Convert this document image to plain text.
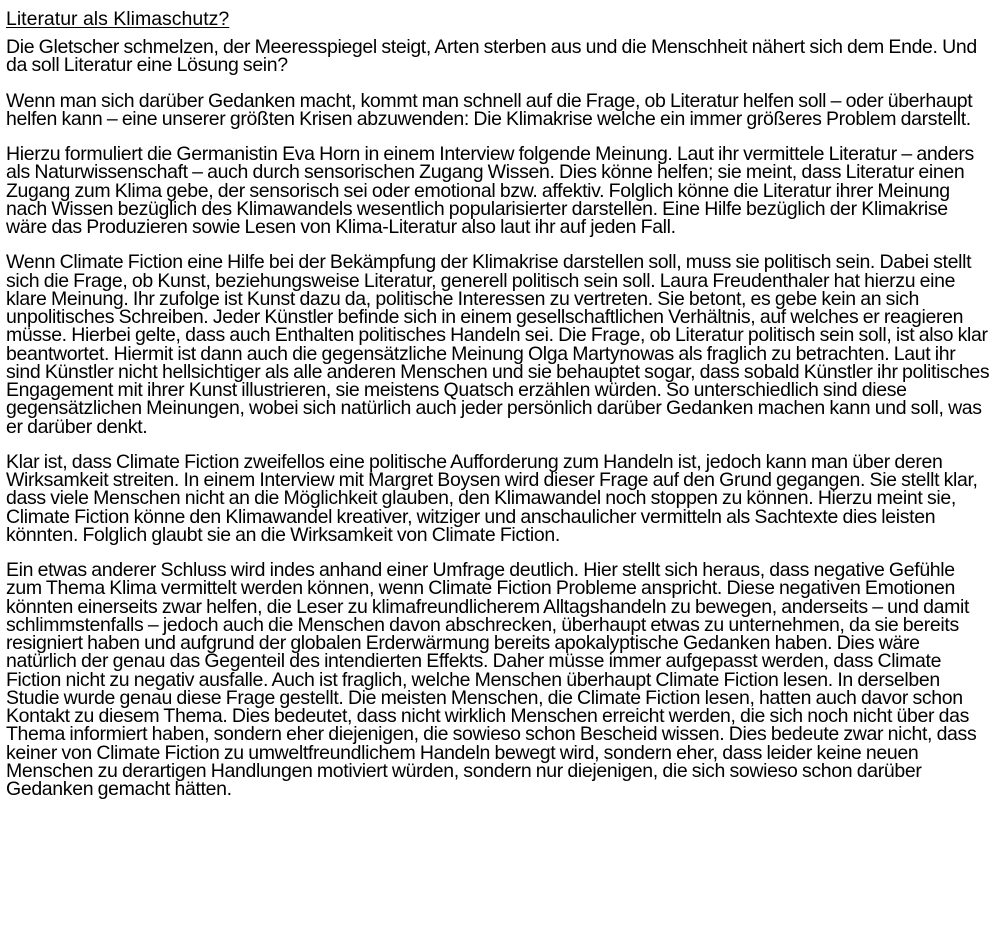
Literatur als Klimaschutz?

Die Gletscher schmelzen, der Meeresspiegel steigt, Arten sterben aus und die Menschheit nähert sich dem Ende. Und da soll Literatur eine Lösung sein?

Wenn man sich darüber Gedanken macht, kommt man schnell auf die Frage, ob Literatur helfen soll – oder überhaupt helfen kann – eine unserer größten Krisen abzuwenden: Die Klimakrise welche ein immer größeres Problem darstellt.

Hierzu formuliert die Germanistin Eva Horn in einem Interview folgende Meinung. Laut ihr vermittele Literatur – anders als Naturwissenschaft – auch durch sensorischen Zugang Wissen. Dies könne helfen; sie meint, dass Literatur einen Zugang zum Klima gebe, der sensorisch sei oder emotional bzw. affektiv. Folglich könne die Literatur ihrer Meinung nach Wissen bezüglich des Klimawandels wesentlich popularisierter darstellen. Eine Hilfe bezüglich der Klimakrise wäre das Produzieren sowie Lesen von Klima-Literatur also laut ihr auf jeden Fall.

Wenn Climate Fiction eine Hilfe bei der Bekämpfung der Klimakrise darstellen soll, muss sie politisch sein. Dabei stellt sich die Frage, ob Kunst, beziehungsweise Literatur, generell politisch sein soll. Laura Freudenthaler hat hierzu eine klare Meinung. Ihr zufolge ist Kunst dazu da, politische Interessen zu vertreten. Sie betont, es gebe kein an sich unpolitisches Schreiben. Jeder Künstler befinde sich in einem gesellschaftlichen Verhältnis, auf welches er reagieren müsse. Hierbei gelte, dass auch Enthalten politisches Handeln sei. Die Frage, ob Literatur politisch sein soll, ist also klar beantwortet. Hiermit ist dann auch die gegensätzliche Meinung Olga Martynowas als fraglich zu betrachten. Laut ihr sind Künstler nicht hellsichtiger als alle anderen Menschen und sie behauptet sogar, dass sobald Künstler ihr politisches Engagement mit ihrer Kunst illustrieren, sie meistens Quatsch erzählen würden. So unterschiedlich sind diese gegensätzlichen Meinungen, wobei sich natürlich auch jeder persönlich darüber Gedanken machen kann und soll, was er darüber denkt.

Klar ist, dass Climate Fiction zweifellos eine politische Aufforderung zum Handeln ist, jedoch kann man über deren Wirksamkeit streiten. In einem Interview mit Margret Boysen wird dieser Frage auf den Grund gegangen. Sie stellt klar, dass viele Menschen nicht an die Möglichkeit glauben, den Klimawandel noch stoppen zu können. Hierzu meint sie, Climate Fiction könne den Klimawandel kreativer, witziger und anschaulicher vermitteln als Sachtexte dies leisten könnten. Folglich glaubt sie an die Wirksamkeit von Climate Fiction.

Ein etwas anderer Schluss wird indes anhand einer Umfrage deutlich. Hier stellt sich heraus, dass negative Gefühle zum Thema Klima vermittelt werden können, wenn Climate Fiction Probleme anspricht. Diese negativen Emotionen könnten einerseits zwar helfen, die Leser zu klimafreundlicherem Alltagshandeln zu bewegen, anderseits – und damit schlimmstenfalls – jedoch auch die Menschen davon abschrecken, überhaupt etwas zu unternehmen, da sie bereits resigniert haben und aufgrund der globalen Erderwärmung bereits apokalyptische Gedanken haben. Dies wäre natürlich der genau das Gegenteil des intendierten Effekts. Daher müsse immer aufgepasst werden, dass Climate Fiction nicht zu negativ ausfalle. Auch ist fraglich, welche Menschen überhaupt Climate Fiction lesen. In derselben Studie wurde genau diese Frage gestellt. Die meisten Menschen, die Climate Fiction lesen, hatten auch davor schon Kontakt zu diesem Thema. Dies bedeutet, dass nicht wirklich Menschen erreicht werden, die sich noch nicht über das Thema informiert haben, sondern eher diejenigen, die sowieso schon Bescheid wissen. Dies bedeute zwar nicht, dass keiner von Climate Fiction zu umweltfreundlichem Handeln bewegt wird, sondern eher, dass leider keine neuen Menschen zu derartigen Handlungen motiviert würden, sondern nur diejenigen, die sich sowieso schon darüber Gedanken gemacht hätten.
